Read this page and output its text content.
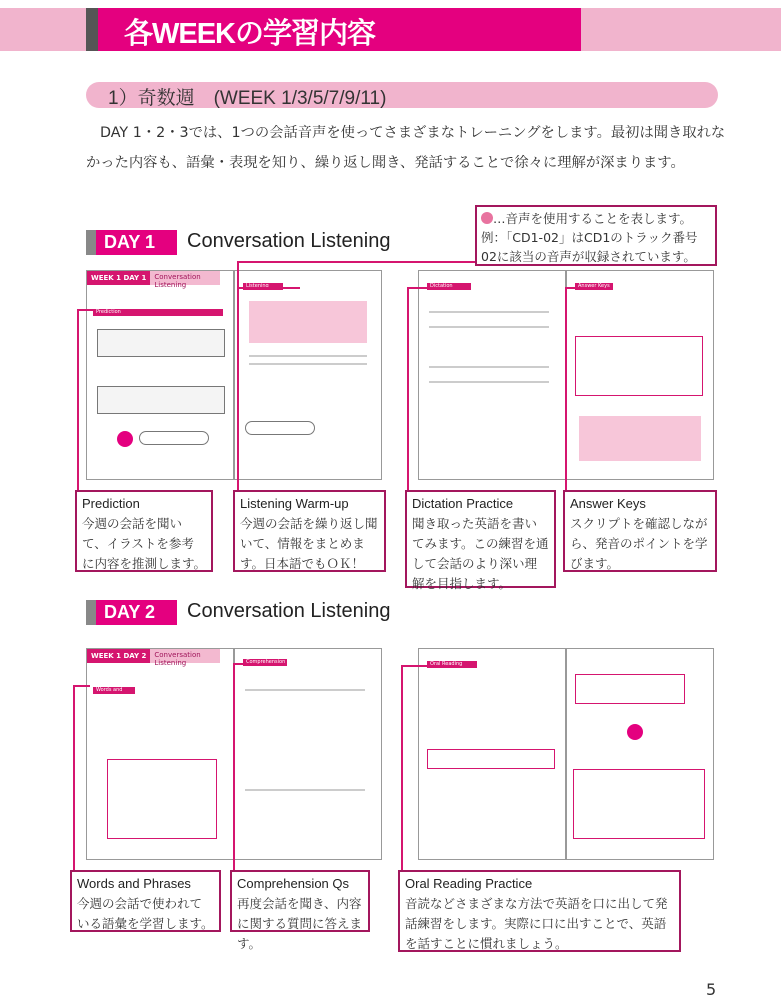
各WEEKの学習内容
1）奇数週　(WEEK 1/3/5/7/9/11)
DAY 1・2・3では、1つの会話音声を使ってさまざまなトレーニングをします。最初は聞き取れなかった内容も、語彙・表現を知り、繰り返し聞き、発話することで徐々に理解が深まります。
DAY 1	Conversation Listening
…音声を使用することを表します。
例：「CD1-02」はCD1のトラック番号02に該当の音声が収録されています。
WEEK 1 DAY 1	Conversation Listening
Prediction
Listening Warm-up
Dictation Practice
Answer Keys
Prediction
今週の会話を聞いて、イラストを参考に内容を推測します。
Listening Warm-up
今週の会話を繰り返し聞いて、情報をまとめます。日本語でもＯＫ！
Dictation Practice
聞き取った英語を書いてみます。この練習を通して会話のより深い理解を目指します。
Answer Keys
スクリプトを確認しながら、発音のポイントを学びます。
DAY 2	Conversation Listening
WEEK 1 DAY 2	Conversation Listening
Words and Phrases
Comprehension Qs
Oral Reading Practice
Words and Phrases
今週の会話で使われている語彙を学習します。
Comprehension Qs
再度会話を聞き、内容に関する質問に答えます。
Oral Reading Practice
音読などさまざまな方法で英語を口に出して発話練習をします。実際に口に出すことで、英語を話すことに慣れましょう。
5
